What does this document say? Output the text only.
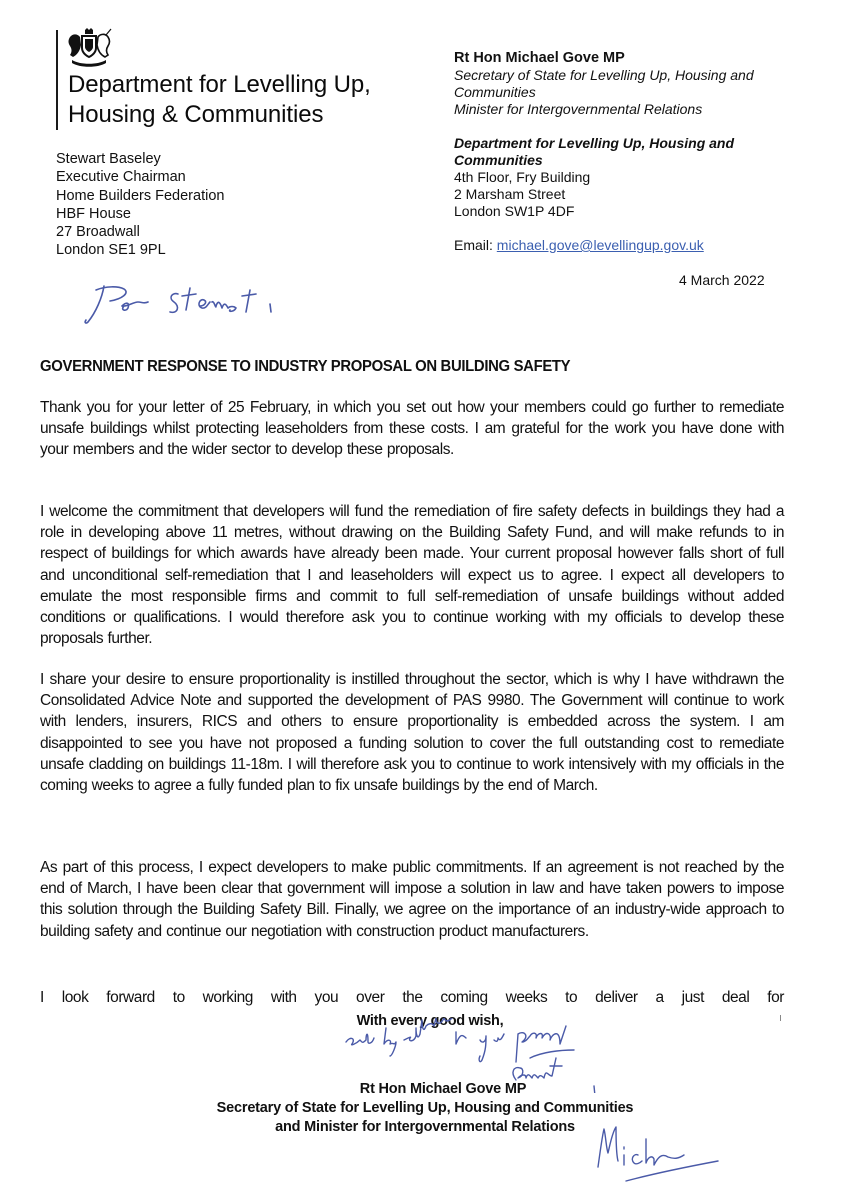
Department for Levelling Up,
Housing & Communities
Rt Hon Michael Gove MP
Secretary of State for Levelling Up, Housing and
Communities
Minister for Intergovernmental Relations
Department for Levelling Up, Housing and
Communities
4th Floor, Fry Building
2 Marsham Street
London SW1P 4DF
Email: michael.gove@levellingup.gov.uk
4 March 2022
Stewart Baseley
Executive Chairman
Home Builders Federation
HBF House
27 Broadwall
London SE1 9PL
GOVERNMENT RESPONSE TO INDUSTRY PROPOSAL ON BUILDING SAFETY
Thank you for your letter of 25 February, in which you set out how your members could go further to remediate unsafe buildings whilst protecting leaseholders from these costs. I am grateful for the work you have done with your members and the wider sector to develop these proposals.
I welcome the commitment that developers will fund the remediation of fire safety defects in buildings they had a role in developing above 11 metres, without drawing on the Building Safety Fund, and will make refunds to in respect of buildings for which awards have already been made. Your current proposal however falls short of full and unconditional self-remediation that I and leaseholders will expect us to agree. I expect all developers to emulate the most responsible firms and commit to full self-remediation of unsafe buildings without added conditions or qualifications. I would therefore ask you to continue working with my officials to develop these proposals further.
I share your desire to ensure proportionality is instilled throughout the sector, which is why I have withdrawn the Consolidated Advice Note and supported the development of PAS 9980. The Government will continue to work with lenders, insurers, RICS and others to ensure proportionality is embedded across the system. I am disappointed to see you have not proposed a funding solution to cover the full outstanding cost to remediate unsafe cladding on buildings 11-18m. I will therefore ask you to continue to work intensively with my officials in the coming weeks to agree a fully funded plan to fix unsafe buildings by the end of March.
As part of this process, I expect developers to make public commitments. If an agreement is not reached by the end of March, I have been clear that government will impose a solution in law and have taken powers to impose this solution through the Building Safety Bill. Finally, we agree on the importance of an industry-wide approach to building safety and continue our negotiation with construction product manufacturers.
I look forward to working with you over the coming weeks to deliver a just deal for
With every good wish,
Rt Hon Michael Gove MP
Secretary of State for Levelling Up, Housing and Communities
and Minister for Intergovernmental Relations
